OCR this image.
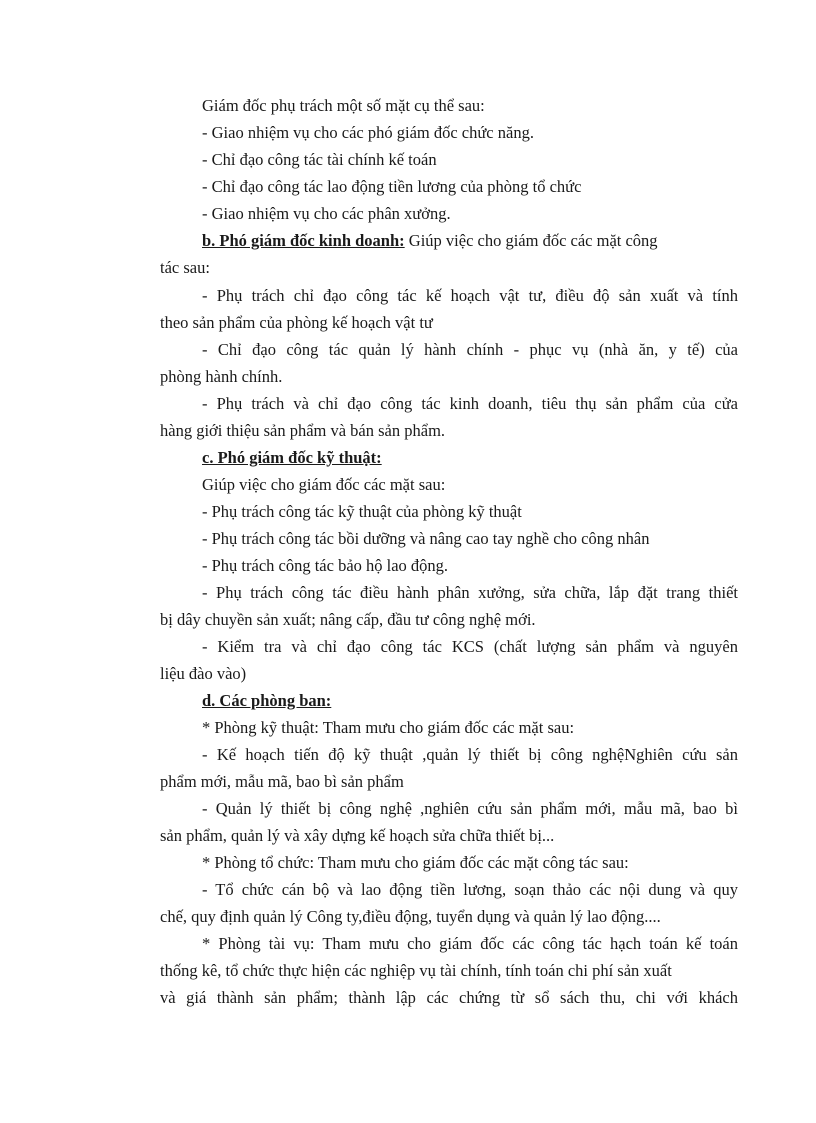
Giám đốc phụ trách một số mặt cụ thể sau:
- Giao nhiệm vụ cho các phó giám đốc chức năng.
- Chỉ đạo công tác tài chính kế toán
- Chỉ đạo công tác lao động tiền lương của phòng tổ chức
- Giao nhiệm vụ cho các phân xưởng.
b. Phó giám đốc kinh doanh: Giúp việc cho giám đốc các mặt công
tác sau:
- Phụ trách chỉ đạo công tác kế hoạch vật tư, điều độ sản xuất và tính
theo sản phẩm của phòng kế hoạch vật tư
- Chỉ đạo công tác quản lý hành chính - phục vụ (nhà ăn, y tế) của
phòng hành chính.
- Phụ trách và chỉ đạo công tác kinh doanh, tiêu thụ sản phẩm của cửa
hàng giới thiệu sản phẩm và bán sản phẩm.
c. Phó giám đốc kỹ thuật:
Giúp việc cho giám đốc các mặt sau:
- Phụ trách công tác kỹ thuật của phòng kỹ thuật
- Phụ trách công tác bồi dưỡng và nâng cao tay nghề cho công nhân
- Phụ trách công tác bảo hộ lao động.
- Phụ trách công tác điều hành phân xưởng, sửa chữa, lắp đặt trang thiết
bị dây chuyền sản xuất; nâng cấp, đầu tư công nghệ mới.
- Kiểm tra và chỉ đạo công tác KCS (chất lượng sản phẩm và nguyên
liệu đào vào)
d. Các phòng ban:
* Phòng kỹ thuật: Tham mưu cho giám đốc các mặt sau:
- Kế hoạch tiến độ kỹ thuật ,quản lý thiết bị công nghệNghiên cứu sản
phẩm mới, mẫu mã, bao bì sản phẩm
- Quản lý thiết bị công nghệ ,nghiên cứu sản phẩm mới, mẫu mã, bao bì
sản phẩm, quản lý và xây dựng kế hoạch sửa chữa thiết bị...
* Phòng tổ chức: Tham mưu cho giám đốc các mặt công tác sau:
- Tổ chức cán bộ và lao động tiền lương, soạn thảo các nội dung và quy
chế, quy định quản lý Công ty,điều động, tuyển dụng và quản lý lao động....
* Phòng tài vụ: Tham mưu cho giám đốc các công tác hạch toán kế toán
thống kê, tổ chức thực hiện các nghiệp vụ tài chính, tính toán chi phí sản xuất
và giá thành sản phẩm; thành lập các chứng từ sổ sách thu, chi với khách
